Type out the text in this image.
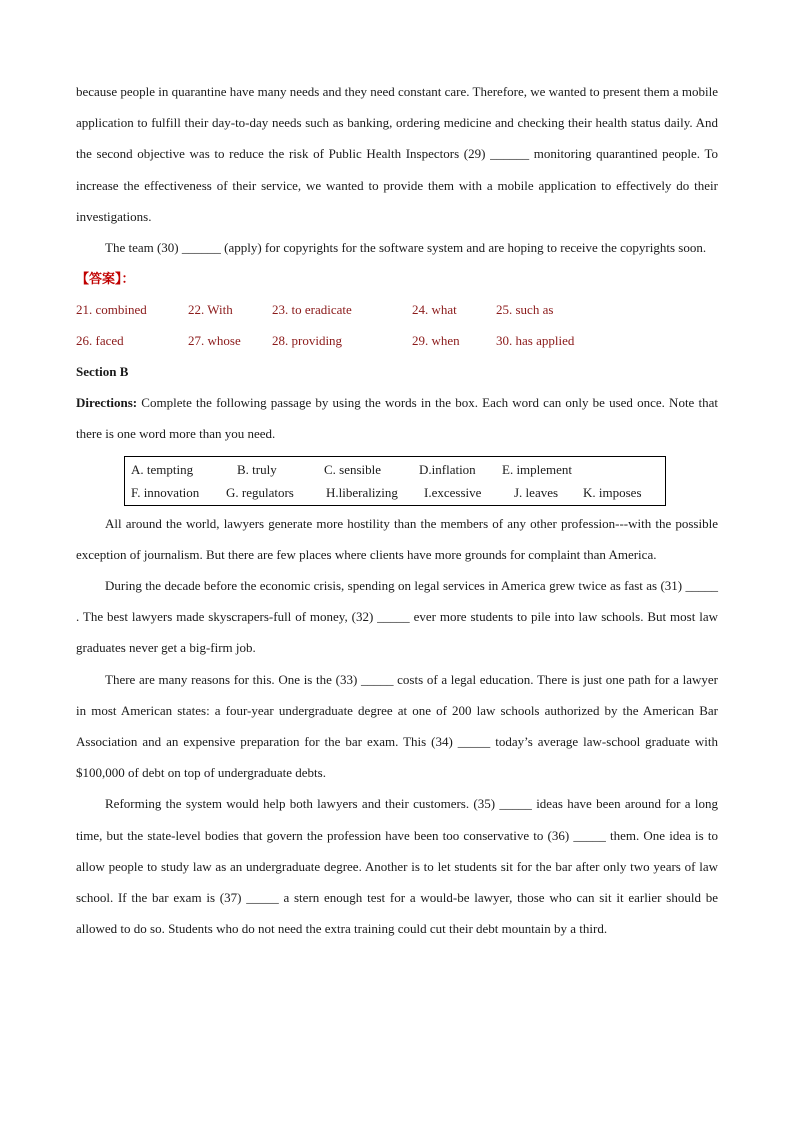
because people in quarantine have many needs and they need constant care. Therefore, we wanted to present them a mobile application to fulfill their day-to-day needs such as banking, ordering medicine and checking their health status daily. And the second objective was to reduce the risk of Public Health Inspectors (29) ______ monitoring quarantined people. To increase the effectiveness of their service, we wanted to provide them with a mobile application to effectively do their investigations.

The team (30) ______ (apply) for copyrights for the software system and are hoping to receive the copyrights soon.

【答案】：
21. combined	22. With	23. to eradicate	24. what	25. such as
26. faced	27. whose 28. providing	29. when	30. has applied

Section B

Directions: Complete the following passage by using the words in the box. Each word can only be used once. Note that there is one word more than you need.

A. tempting	B. truly	C. sensible	D.inflation E. implement
F. innovation G. regulators H.liberalizing I.excessive	J. leaves K. imposes

All around the world, lawyers generate more hostility than the members of any other profession---with the possible exception of journalism. But there are few places where clients have more grounds for complaint than America.

During the decade before the economic crisis, spending on legal services in America grew twice as fast as (31) _____ . The best lawyers made skyscrapers-full of money, (32) _____ ever more students to pile into law schools. But most law graduates never get a big-firm job.

There are many reasons for this. One is the (33) _____ costs of a legal education. There is just one path for a lawyer in most American states: a four-year undergraduate degree at one of 200 law schools authorized by the American Bar Association and an expensive preparation for the bar exam. This (34) _____ today’s average law-school graduate with $100,000 of debt on top of undergraduate debts.

Reforming the system would help both lawyers and their customers. (35) _____ ideas have been around for a long time, but the state-level bodies that govern the profession have been too conservative to (36) _____ them. One idea is to allow people to study law as an undergraduate degree. Another is to let students sit for the bar after only two years of law school. If the bar exam is (37) _____ a stern enough test for a would-be lawyer, those who can sit it earlier should be allowed to do so. Students who do not need the extra training could cut their debt mountain by a third.
